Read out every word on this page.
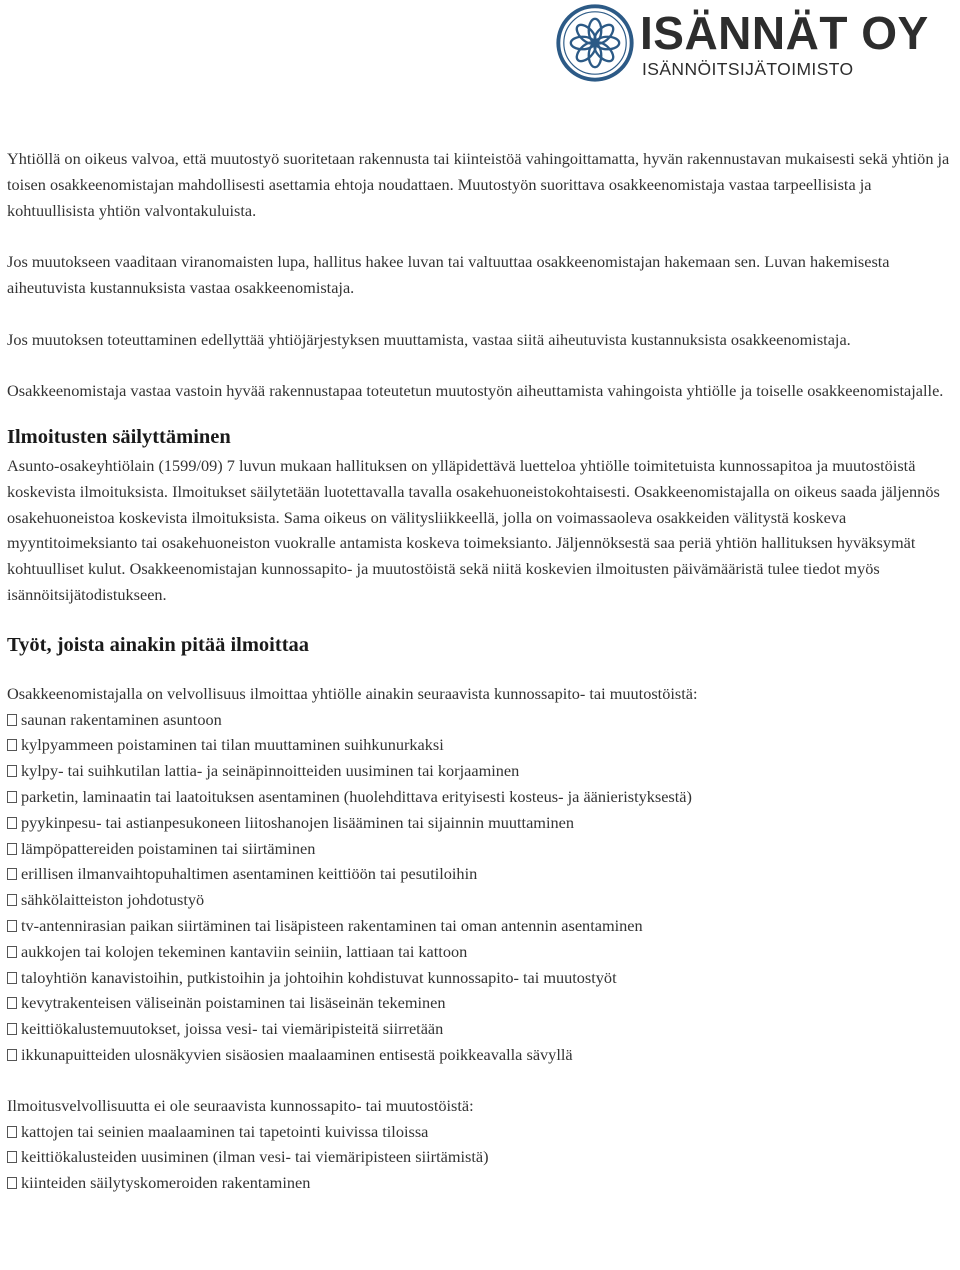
ISÄNNÄT OY
ISÄNNÖITSIJÄTOIMISTO

Yhtiöllä on oikeus valvoa, että muutostyö suoritetaan rakennusta tai kiinteistöä vahingoittamatta, hyvän rakennustavan mukaisesti sekä yhtiön ja toisen osakkeenomistajan mahdollisesti asettamia ehtoja noudattaen. Muutostyön suorittava osakkeenomistaja vastaa tarpeellisista ja kohtuullisista yhtiön valvontakuluista.

Jos muutokseen vaaditaan viranomaisten lupa, hallitus hakee luvan tai valtuuttaa osakkeenomistajan hakemaan sen. Luvan hakemisesta aiheutuvista kustannuksista vastaa osakkeenomistaja.

Jos muutoksen toteuttaminen edellyttää yhtiöjärjestyksen muuttamista, vastaa siitä aiheutuvista kustannuksista osakkeenomistaja.

Osakkeenomistaja vastaa vastoin hyvää rakennustapaa toteutetun muutostyön aiheuttamista vahingoista yhtiölle ja toiselle osakkeenomistajalle.

Ilmoitusten säilyttäminen

Asunto-osakeyhtiölain (1599/09) 7 luvun mukaan hallituksen on ylläpidettävä luetteloa yhtiölle toimitetuista kunnossapitoa ja muutostöistä koskevista ilmoituksista. Ilmoitukset säilytetään luotettavalla tavalla osakehuoneistokohtaisesti. Osakkeenomistajalla on oikeus saada jäljennös osakehuoneistoa koskevista ilmoituksista. Sama oikeus on välitysliikkeellä, jolla on voimassaoleva osakkeiden välitystä koskeva myyntitoimeksianto tai osakehuoneiston vuokralle antamista koskeva toimeksianto. Jäljennöksestä saa periä yhtiön hallituksen hyväksymät kohtuulliset kulut. Osakkeenomistajan kunnossapito- ja muutostöistä sekä niitä koskevien ilmoitusten päivämääristä tulee tiedot myös isännöitsijätodistukseen.

Työt, joista ainakin pitää ilmoittaa

Osakkeenomistajalla on velvollisuus ilmoittaa yhtiölle ainakin seuraavista kunnossapito- tai muutostöistä:

saunan rakentaminen asuntoon
kylpyammeen poistaminen tai tilan muuttaminen suihkunurkaksi
kylpy- tai suihkutilan lattia- ja seinäpinnoitteiden uusiminen tai korjaaminen
parketin, laminaatin tai laatoituksen asentaminen (huolehdittava erityisesti kosteus- ja äänieristyksestä)
pyykinpesu- tai astianpesukoneen liitoshanojen lisääminen tai sijainnin muuttaminen
lämpöpattereiden poistaminen tai siirtäminen
erillisen ilmanvaihtopuhaltimen asentaminen keittiöön tai pesutiloihin
sähkölaitteiston johdotustyö
tv-antennirasian paikan siirtäminen tai lisäpisteen rakentaminen tai oman antennin asentaminen
aukkojen tai kolojen tekeminen kantaviin seiniin, lattiaan tai kattoon
taloyhtiön kanavistoihin, putkistoihin ja johtoihin kohdistuvat kunnossapito- tai muutostyöt
kevytrakenteisen väliseinän poistaminen tai lisäseinän tekeminen
keittiökalustemuutokset, joissa vesi- tai viemäripisteitä siirretään
ikkunapuitteiden ulosnäkyvien sisäosien maalaaminen entisestä poikkeavalla sävyllä

Ilmoitusvelvollisuutta ei ole seuraavista kunnossapito- tai muutostöistä:

kattojen tai seinien maalaaminen tai tapetointi kuivissa tiloissa
keittiökalusteiden uusiminen (ilman vesi- tai viemäripisteen siirtämistä)
kiinteiden säilytyskomeroiden rakentaminen
